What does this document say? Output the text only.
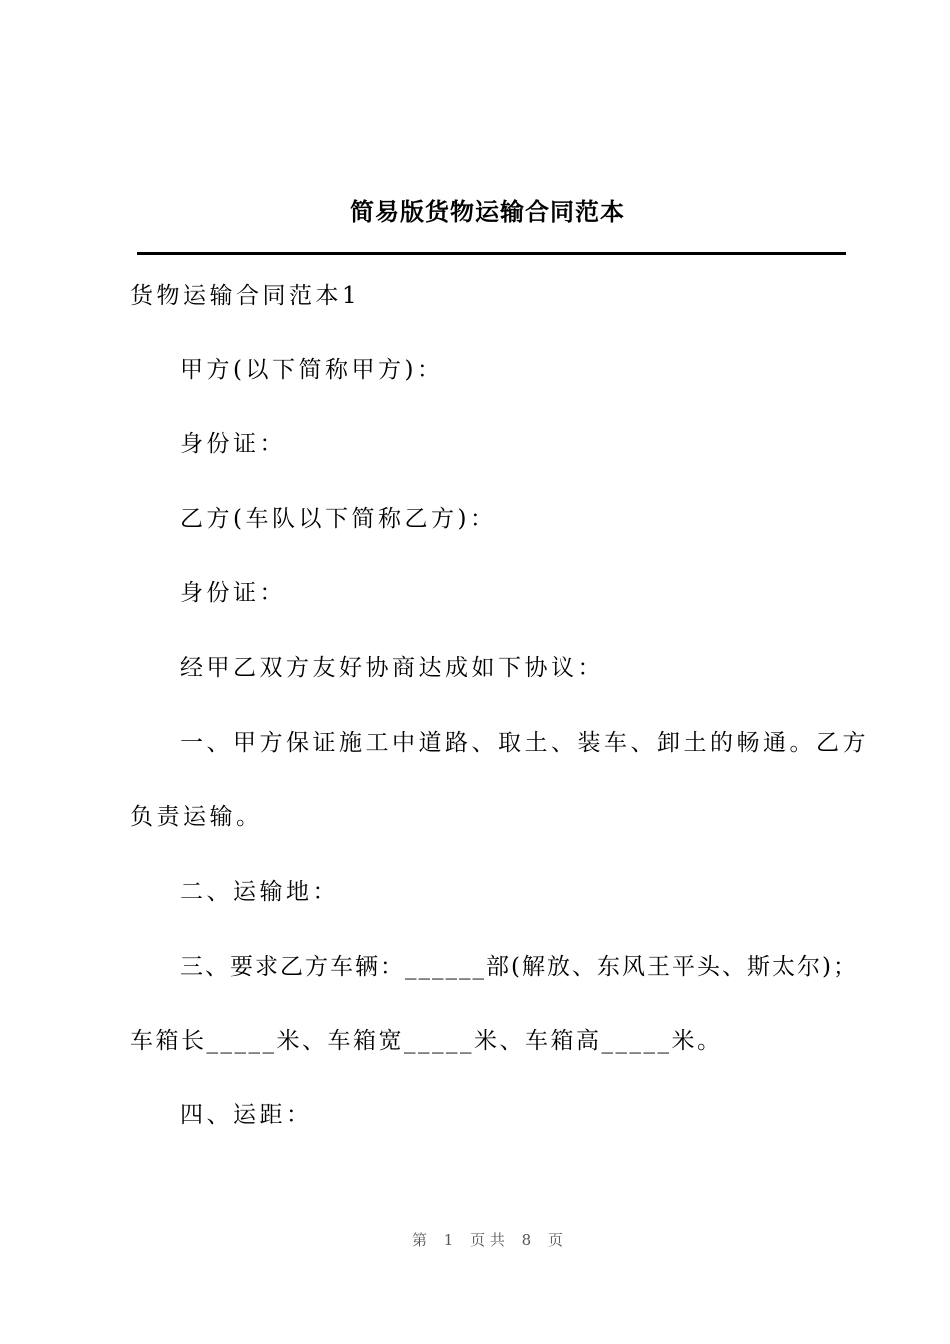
简易版货物运输合同范本
货物运输合同范本1
甲方(以下简称甲方)：
身份证：
乙方(车队以下简称乙方)：
身份证：
经甲乙双方友好协商达成如下协议：
一、甲方保证施工中道路、取土、装车、卸土的畅通。乙方
负责运输。
二、运输地：
三、要求乙方车辆：______部(解放、东风王平头、斯太尔)；
车箱长_____米、车箱宽_____米、车箱高_____米。
四、运距：
第 1 页 共 8 页
